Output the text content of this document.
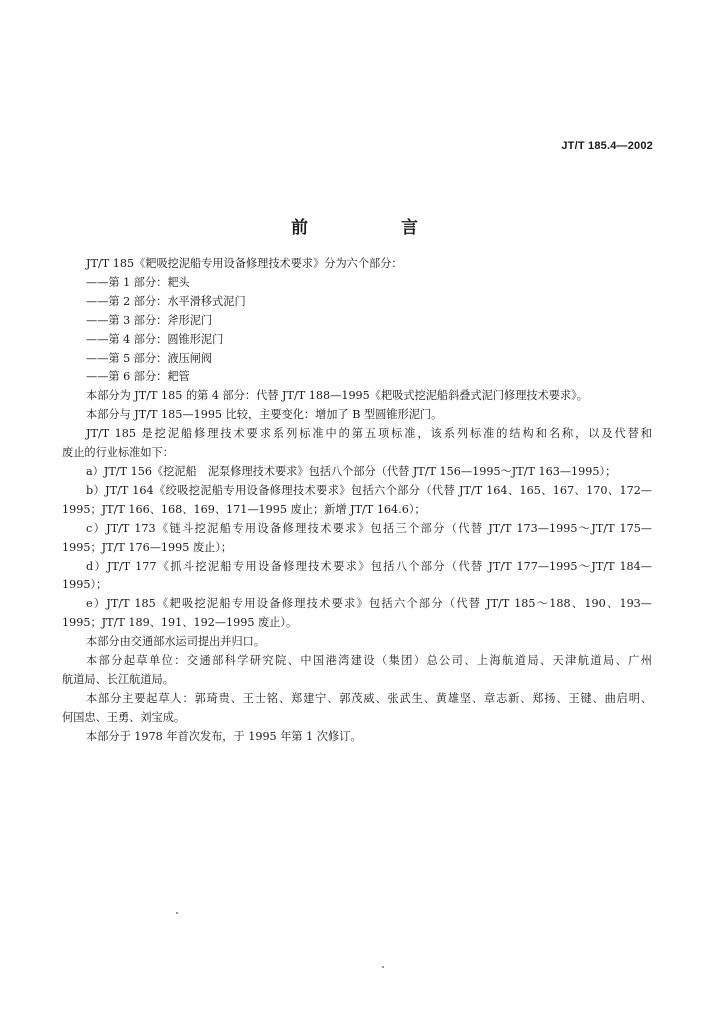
JT/T 185.4—2002
前　言
JT/T 185《耙吸挖泥船专用设备修理技术要求》分为六个部分：
——第 1 部分：耙头
——第 2 部分：水平滑移式泥门
——第 3 部分：斧形泥门
——第 4 部分：圆锥形泥门
——第 5 部分：液压闸阀
——第 6 部分：耙管
本部分为 JT/T 185 的第 4 部分：代替 JT/T 188—1995《耙吸式挖泥船斜叠式泥门修理技术要求》。
本部分与 JT/T 185—1995 比较，主要变化：增加了 B 型圆锥形泥门。
JT/T 185 是挖泥船修理技术要求系列标准中的第五项标准，该系列标准的结构和名称，以及代替和
废止的行业标准如下：
a）JT/T 156《挖泥船　泥泵修理技术要求》包括八个部分（代替 JT/T 156—1995～JT/T 163—1995）；
b）JT/T 164《绞吸挖泥船专用设备修理技术要求》包括六个部分（代替 JT/T 164、165、167、170、172—
1995；JT/T 166、168、169、171—1995 废止；新增 JT/T 164.6）；
c）JT/T 173《链斗挖泥船专用设备修理技术要求》包括三个部分（代替 JT/T 173—1995～JT/T 175—
1995；JT/T 176—1995 废止）；
d）JT/T 177《抓斗挖泥船专用设备修理技术要求》包括八个部分（代替 JT/T 177—1995～JT/T 184—
1995）；
e）JT/T 185《耙吸挖泥船专用设备修理技术要求》包括六个部分（代替 JT/T 185～188、190、193—
1995；JT/T 189、191、192—1995 废止）。
本部分由交通部水运司提出并归口。
本部分起草单位：交通部科学研究院、中国港湾建设（集团）总公司、上海航道局、天津航道局、广州
航道局、长江航道局。
本部分主要起草人：郭琦贵、王士铭、郑建宁、郭茂威、张武生、黄雄坚、章志新、郑扬、王键、曲启明、
何国忠、王勇、刘宝成。
本部分于 1978 年首次发布，于 1995 年第 1 次修订。
